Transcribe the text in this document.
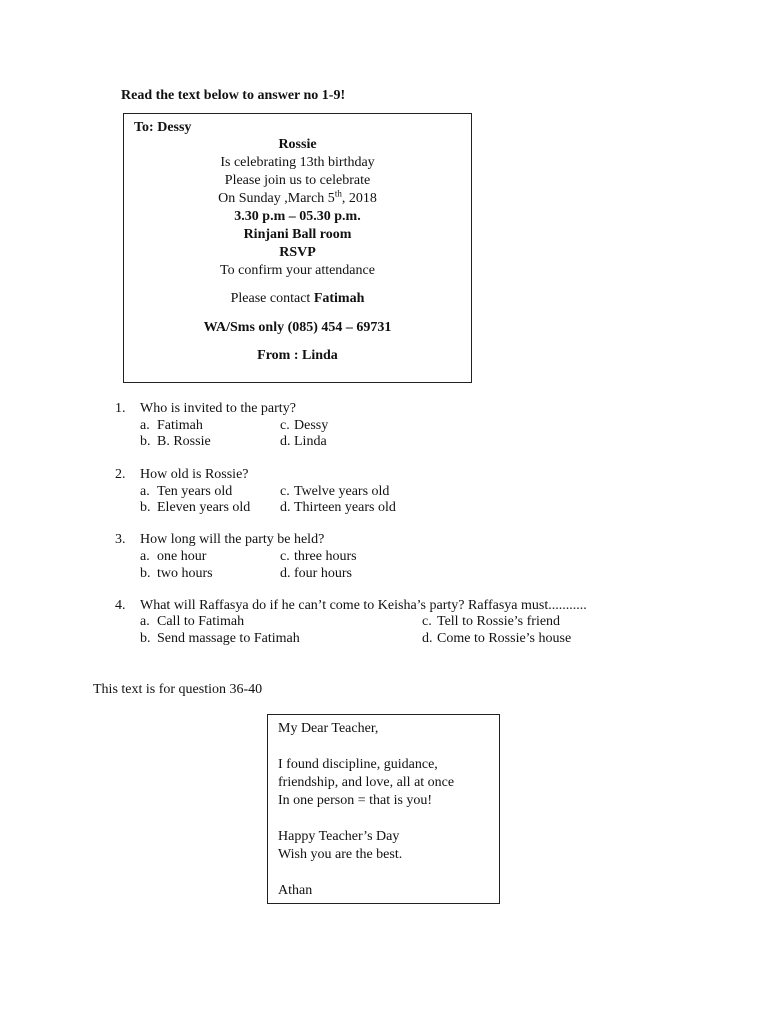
Read the text below to answer no 1-9!
To: Dessy
Rossie
Is celebrating 13th birthday
Please join us to celebrate
On Sunday ,March 5th, 2018
3.30 p.m – 05.30 p.m.
Rinjani Ball room
RSVP
To confirm your attendance
Please contact Fatimah
WA/Sms only (085) 454 – 69731
From : Linda
1. Who is invited to the party?
a. Fatimah
b. B. Rossie
c. Dessy
d. Linda
2. How old is Rossie?
a. Ten years old
b. Eleven years old
c. Twelve years old
d. Thirteen years old
3. How long will the party be held?
a. one hour
b. two hours
c. three hours
d. four hours
4. What will Raffasya do if he can’t come to Keisha’s party? Raffasya must...........
a. Call to Fatimah
b. Send massage to Fatimah
c. Tell to Rossie’s friend
d. Come to Rossie’s house
This text is for question 36-40
My Dear Teacher,
I found discipline, guidance,
friendship, and love, all at once
In one person = that is you!
Happy Teacher’s Day
Wish you are the best.
Athan
